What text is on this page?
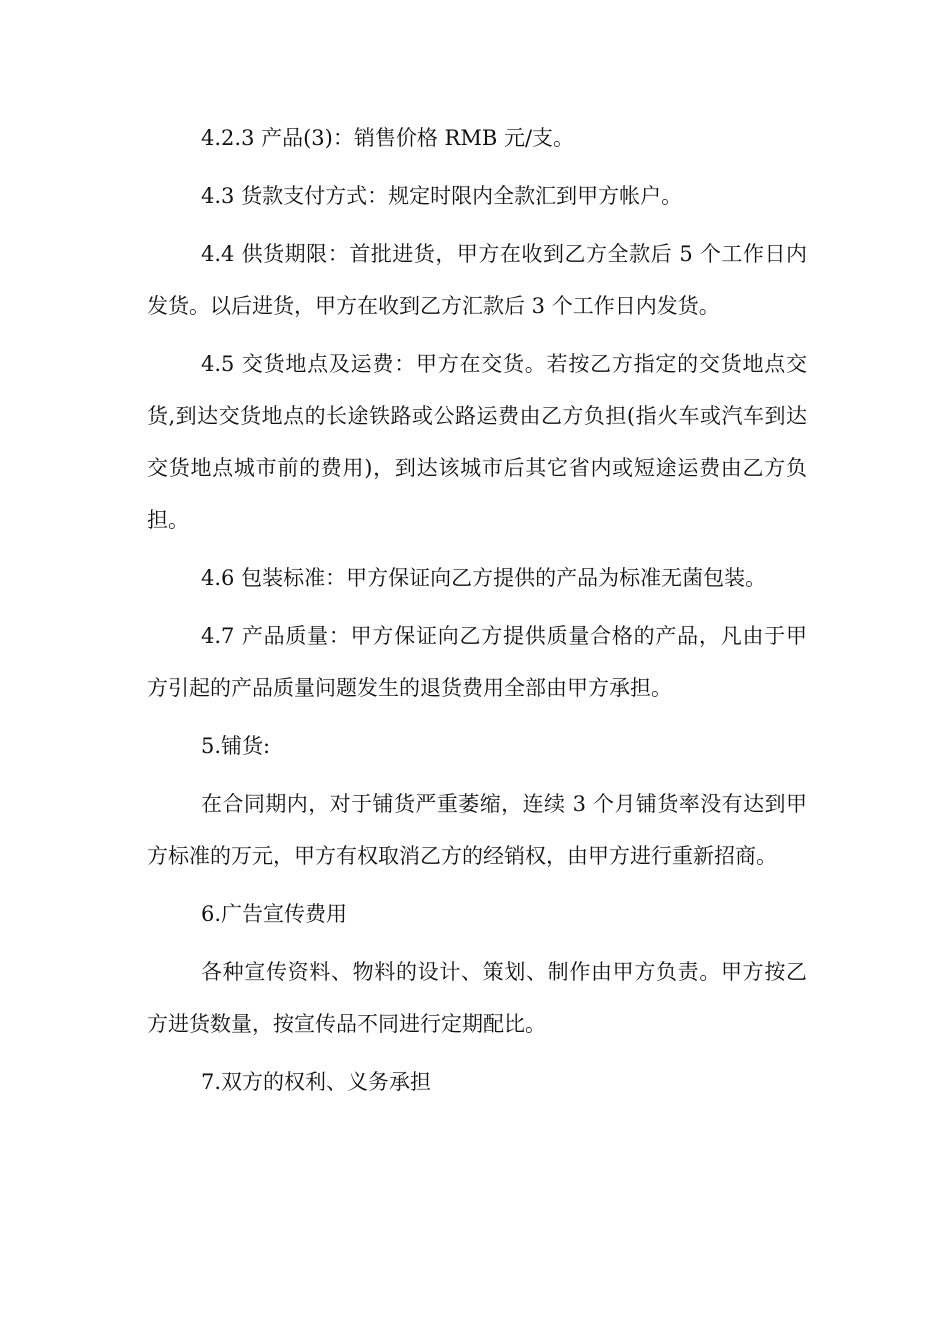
4.2.3 产品(3)：销售价格 RMB 元/支。

4.3 货款支付方式：规定时限内全款汇到甲方帐户。

4.4 供货期限：首批进货，甲方在收到乙方全款后 5 个工作日内发货。以后进货，甲方在收到乙方汇款后 3 个工作日内发货。

4.5 交货地点及运费：甲方在交货。若按乙方指定的交货地点交货,到达交货地点的长途铁路或公路运费由乙方负担(指火车或汽车到达交货地点城市前的费用)，到达该城市后其它省内或短途运费由乙方负担。

4.6 包装标准：甲方保证向乙方提供的产品为标准无菌包装。

4.7 产品质量：甲方保证向乙方提供质量合格的产品，凡由于甲方引起的产品质量问题发生的退货费用全部由甲方承担。

5.铺货:

在合同期内，对于铺货严重萎缩，连续 3 个月铺货率没有达到甲方标准的万元，甲方有权取消乙方的经销权，由甲方进行重新招商。

6.广告宣传费用

各种宣传资料、物料的设计、策划、制作由甲方负责。甲方按乙方进货数量，按宣传品不同进行定期配比。

7.双方的权利、义务承担
